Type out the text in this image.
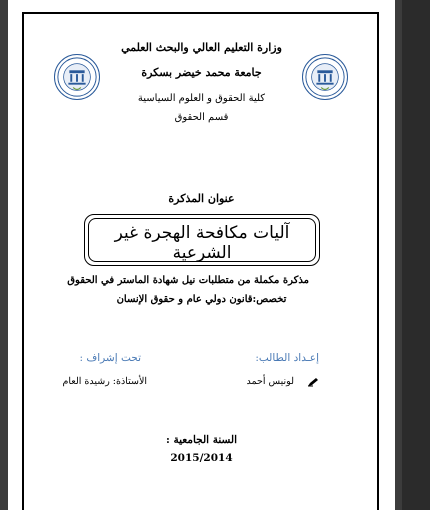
وزارة التعليم العالي والبحث العلمي
جامعة محمد خيضر بسكرة
كلية الحقوق و العلوم السياسية
قسم الحقوق
عنوان المذكرة
آليات مكافحة الهجرة غير الشرعية
مذكرة مكملة من متطلبات نيل شهادة الماستر في الحقوق
تخصص:قانون دولي عام و حقوق الإنسان
إعـداد الطالب:
تحت إشراف :
لونيس أحمد
الأستاذة: رشيدة العام
السنة الجامعية :
2015/2014
